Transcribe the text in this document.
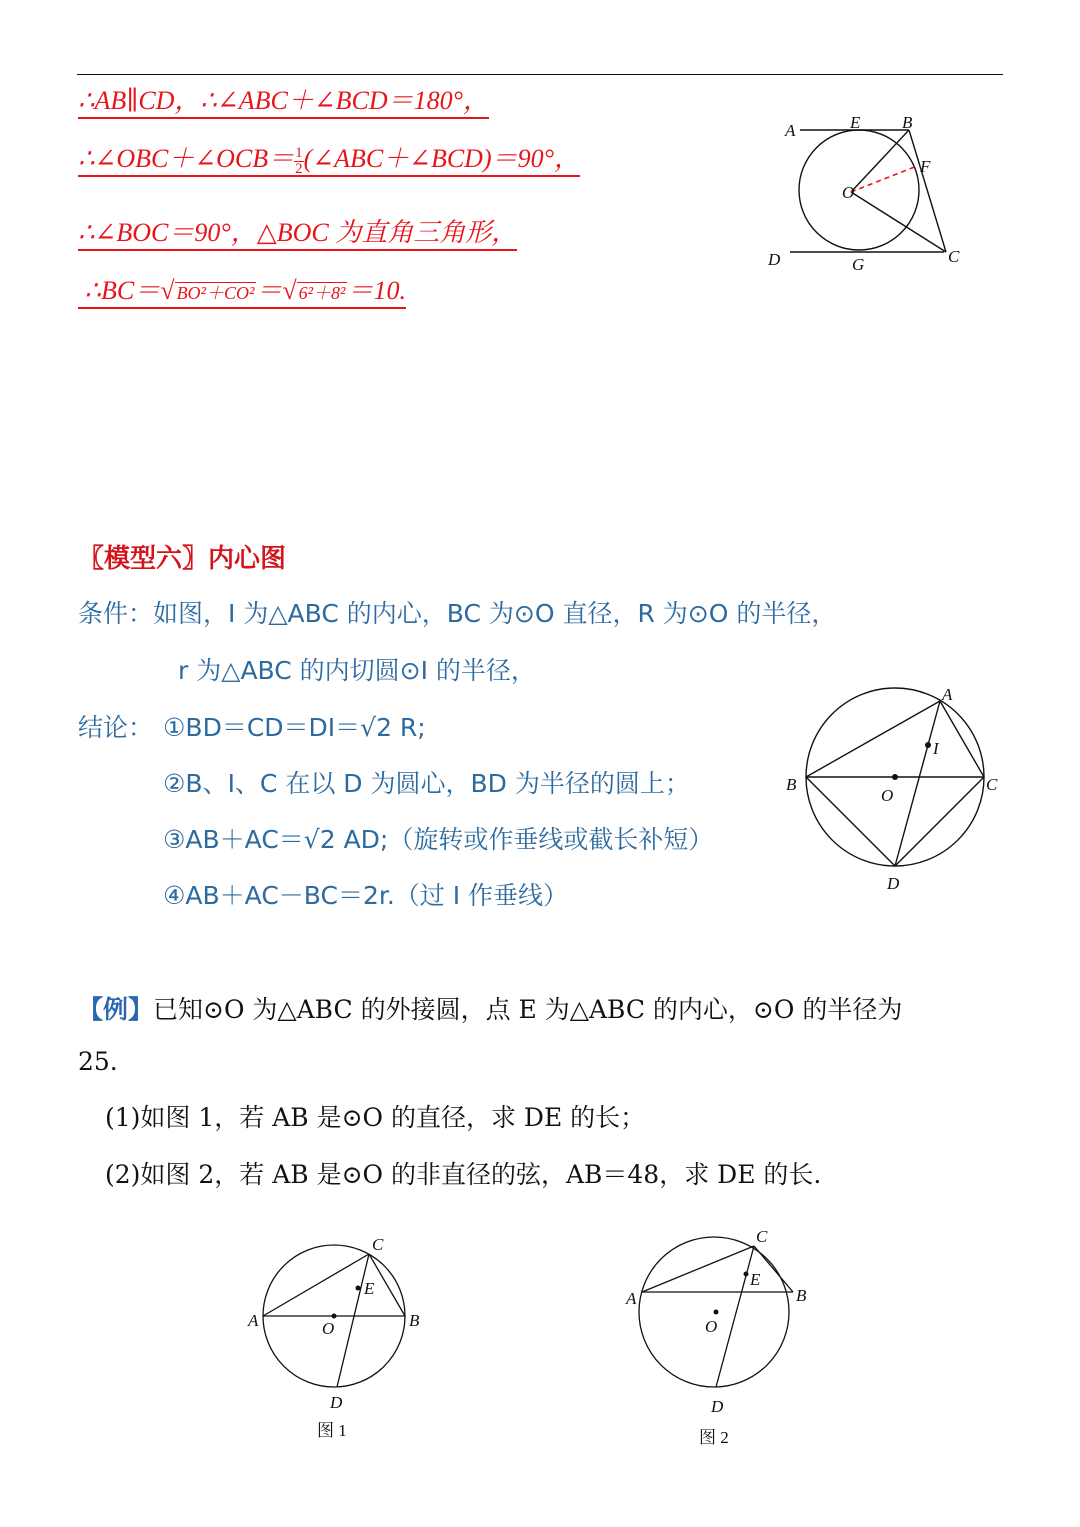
∴AB∥CD，∴∠ABC＋∠BCD＝180°，
∴∠OBC＋∠OCB＝ $\frac{1}{2}$ (∠ABC＋∠BCD)＝90°，
∴∠BOC＝90°，△BOC 为直角三角形，
∴BC＝√ BO²＋CO²＝√ 6²＋8²＝10.
A	E B
F
O
D	G	C
〖模型六〗内心图
条件：如图，I 为△ABC 的内心，BC 为⊙O 直径，R 为⊙O 的半径，
r 为△ABC 的内切圆⊙I 的半径，
结论： ①BD＝CD＝DI＝√2 R;
②B、I、C 在以 D 为圆心，BD 为半径的圆上；
③AB＋AC＝√2 AD;（旋转或作垂线或截长补短）
④AB＋AC－BC＝2r.（过 I 作垂线）
A
I
B
O
C
D
【例】已知⊙O 为△ABC 的外接圆，点 E 为△ABC 的内心，⊙O 的半径为
25.
(1)如图 1，若 AB 是⊙O 的直径，求 DE 的长；
(2)如图 2，若 AB 是⊙O 的非直径的弦，AB＝48，求 DE 的长.
C
E
A	O	B
D
图 1
C
E
A
O
B
D
图 2
